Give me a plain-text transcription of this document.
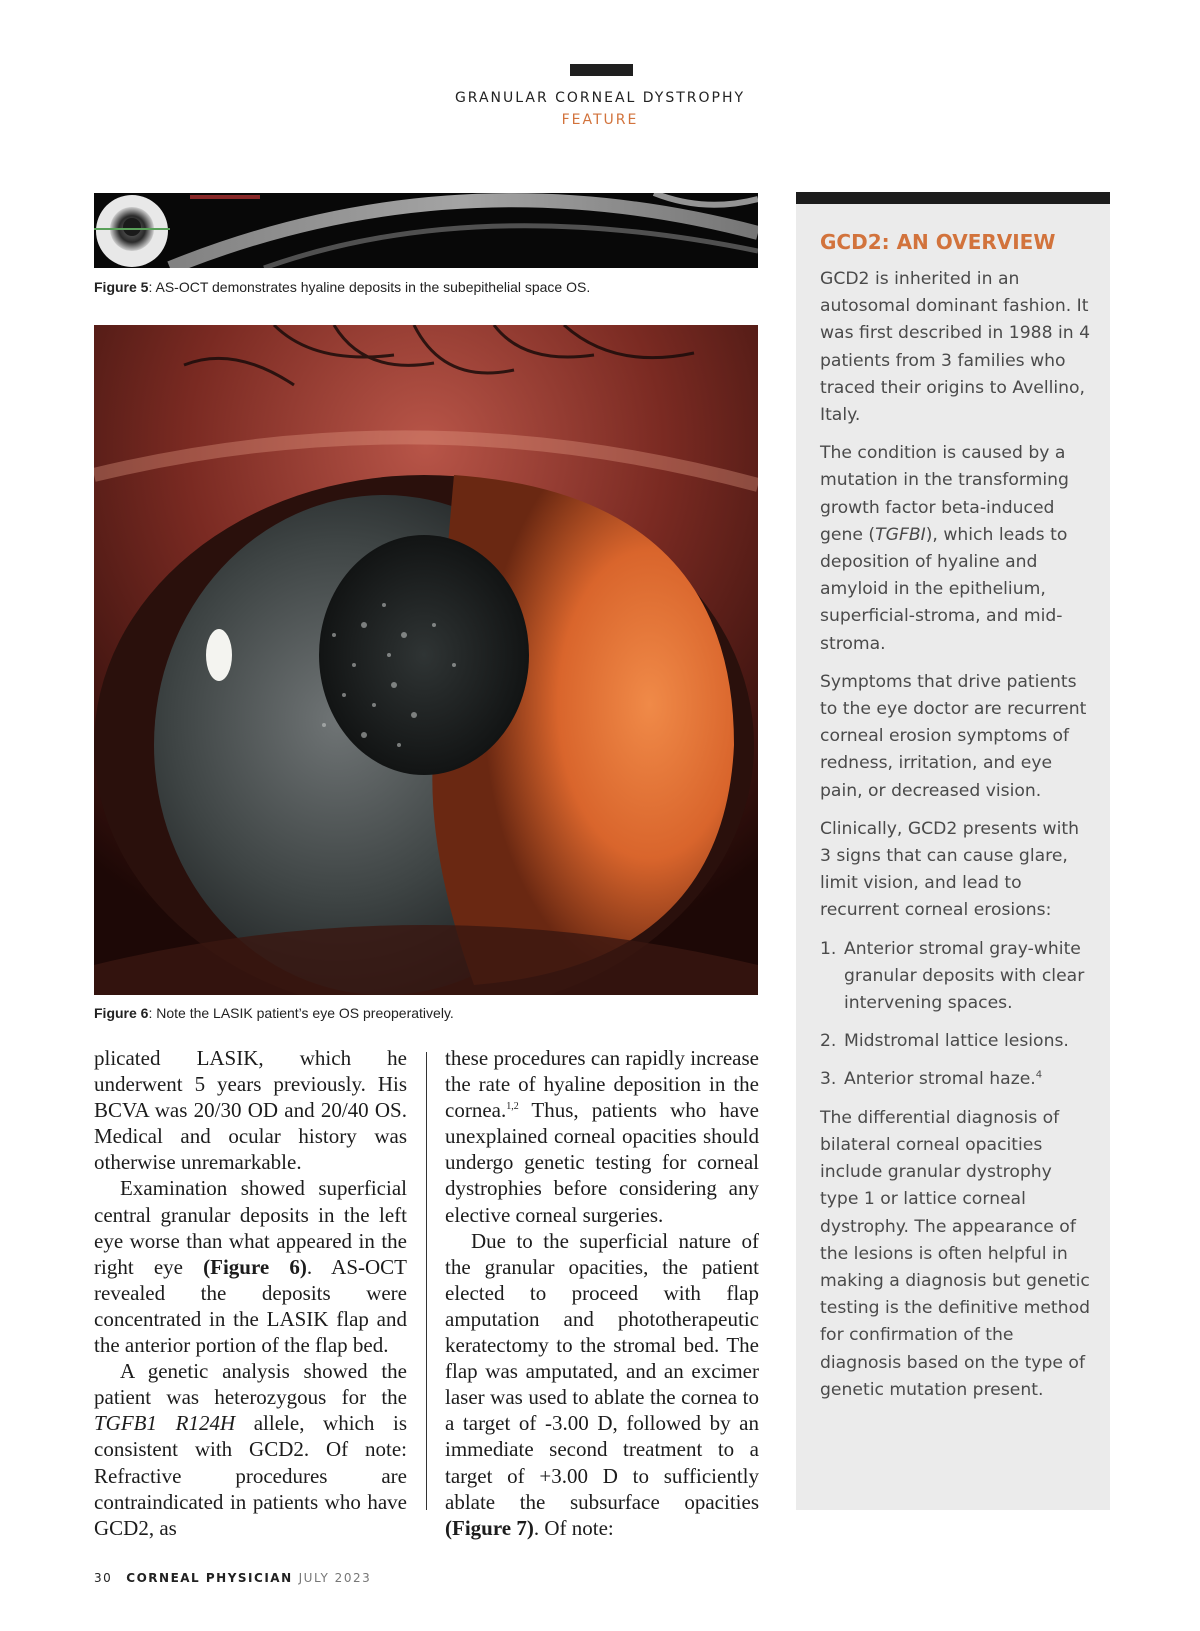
GRANULAR CORNEAL DYSTROPHY
FEATURE
Figure 5: AS-OCT demonstrates hyaline deposits in the subepithelial space OS.
Figure 6: Note the LASIK patient’s eye OS preoperatively.

plicated LASIK, which he underwent 5 years previously. His BCVA was 20/30 OD and 20/40 OS. Medical and ocular history was otherwise unremarkable.

Examination showed superficial central granular deposits in the left eye worse than what appeared in the right eye (Figure 6). AS-OCT revealed the deposits were concentrated in the LASIK flap and the anterior portion of the flap bed.

A genetic analysis showed the patient was heterozygous for the TGFB1 R124H allele, which is consistent with GCD2. Of note: Refractive procedures are contraindicated in patients who have GCD2, as

these procedures can rapidly increase the rate of hyaline deposition in the cornea.$^{1,2}$ Thus, patients who have unexplained corneal opacities should undergo genetic testing for corneal dystrophies before considering any elective corneal surgeries.

Due to the superficial nature of the granular opacities, the patient elected to proceed with flap amputation and phototherapeutic keratectomy to the stromal bed. The flap was amputated, and an excimer laser was used to ablate the cornea to a target of -3.00 D, followed by an immediate second treatment to a target of +3.00 D to sufficiently ablate the subsurface opacities (Figure 7). Of note:

GCD2: AN OVERVIEW

GCD2 is inherited in an autosomal dominant fashion. It was first described in 1988 in 4 patients from 3 families who traced their origins to Avellino, Italy.

The condition is caused by a mutation in the transforming growth factor beta-induced gene (TGFBI), which leads to deposition of hyaline and amyloid in the epithelium, superficial-stroma, and mid-stroma.

Symptoms that drive patients to the eye doctor are recurrent corneal erosion symptoms of redness, irritation, and eye pain, or decreased vision.

Clinically, GCD2 presents with 3 signs that can cause glare, limit vision, and lead to recurrent corneal erosions:

1. Anterior stromal gray-white granular deposits with clear intervening spaces.
2. Midstromal lattice lesions.
3. Anterior stromal haze.$^4$

The differential diagnosis of bilateral corneal opacities include granular dystrophy type 1 or lattice corneal dystrophy. The appearance of the lesions is often helpful in making a diagnosis but genetic testing is the definitive method for confirmation of the diagnosis based on the type of genetic mutation present.

30 CORNEAL PHYSICIAN JULY 2023
